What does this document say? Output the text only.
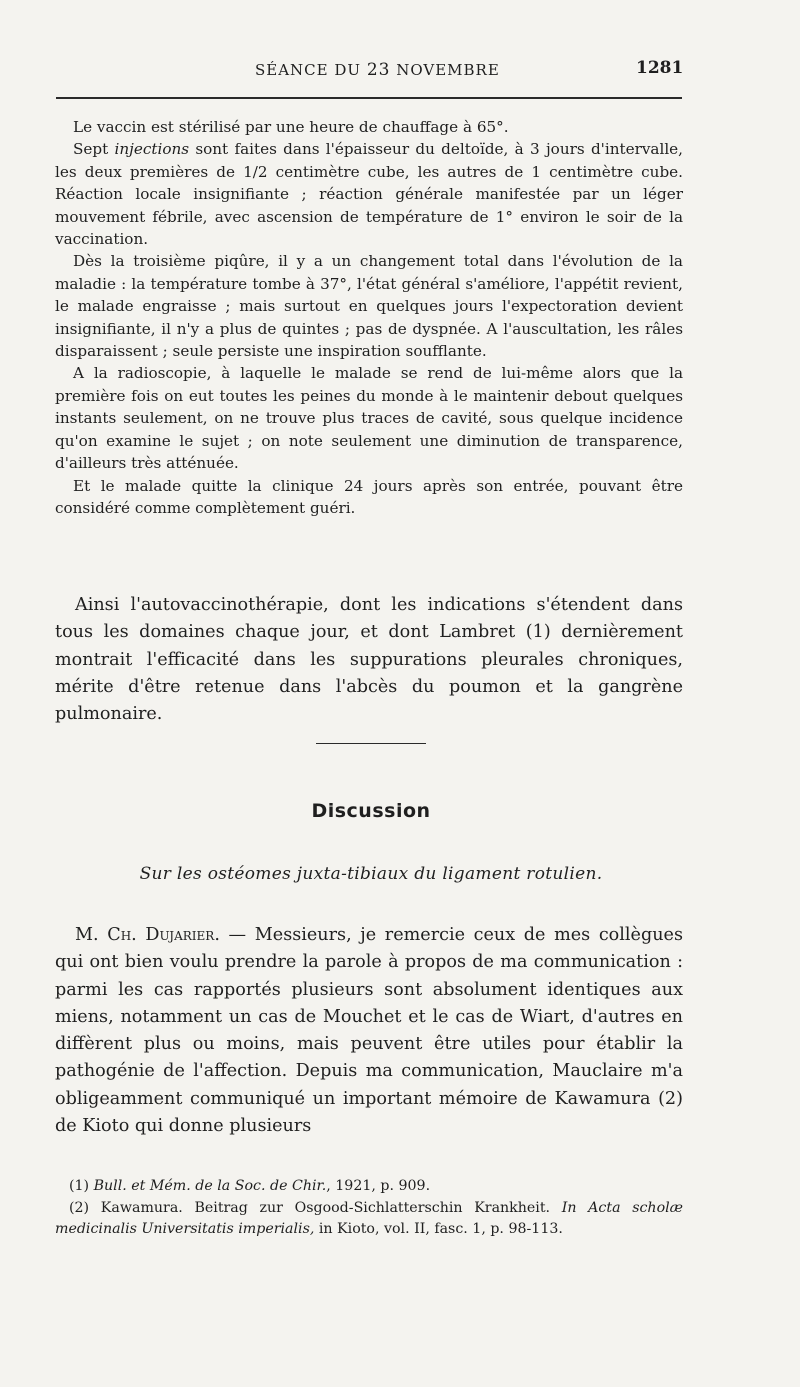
SÉANCE DU 23 NOVEMBRE	1281

Le vaccin est stérilisé par une heure de chauffage à 65°.

Sept injections sont faites dans l'épaisseur du deltoïde, à 3 jours d'intervalle, les deux premières de 1/2 centimètre cube, les autres de 1 centimètre cube. Réaction locale insignifiante ; réaction générale manifestée par un léger mouvement fébrile, avec ascension de température de 1° environ le soir de la vaccination.

Dès la troisième piqûre, il y a un changement total dans l'évolution de la maladie : la température tombe à 37°, l'état général s'améliore, l'appétit revient, le malade engraisse ; mais surtout en quelques jours l'expectoration devient insignifiante, il n'y a plus de quintes ; pas de dyspnée. A l'auscultation, les râles disparaissent ; seule persiste une inspiration soufflante.

A la radioscopie, à laquelle le malade se rend de lui-même alors que la première fois on eut toutes les peines du monde à le maintenir debout quelques instants seulement, on ne trouve plus traces de cavité, sous quelque incidence qu'on examine le sujet ; on note seulement une diminution de transparence, d'ailleurs très atténuée.

Et le malade quitte la clinique 24 jours après son entrée, pouvant être considéré comme complètement guéri.

Ainsi l'autovaccinothérapie, dont les indications s'étendent dans tous les domaines chaque jour, et dont Lambret (1) dernièrement montrait l'efficacité dans les suppurations pleurales chroniques, mérite d'être retenue dans l'abcès du poumon et la gangrène pulmonaire.

Discussion
Sur les ostéomes juxta-tibiaux du ligament rotulien.

M. Ch. Dujarier. — Messieurs, je remercie ceux de mes collègues qui ont bien voulu prendre la parole à propos de ma communication : parmi les cas rapportés plusieurs sont absolument identiques aux miens, notamment un cas de Mouchet et le cas de Wiart, d'autres en diffèrent plus ou moins, mais peuvent être utiles pour établir la pathogénie de l'affection. Depuis ma communication, Mauclaire m'a obligeamment communiqué un important mémoire de Kawamura (2) de Kioto qui donne plusieurs

(1) Bull. et Mém. de la Soc. de Chir., 1921, p. 909.

(2) Kawamura. Beitrag zur Osgood-Sichlatterschin Krankheit. In Acta scholæ medicinalis Universitatis imperialis, in Kioto, vol. II, fasc. 1, p. 98-113.
